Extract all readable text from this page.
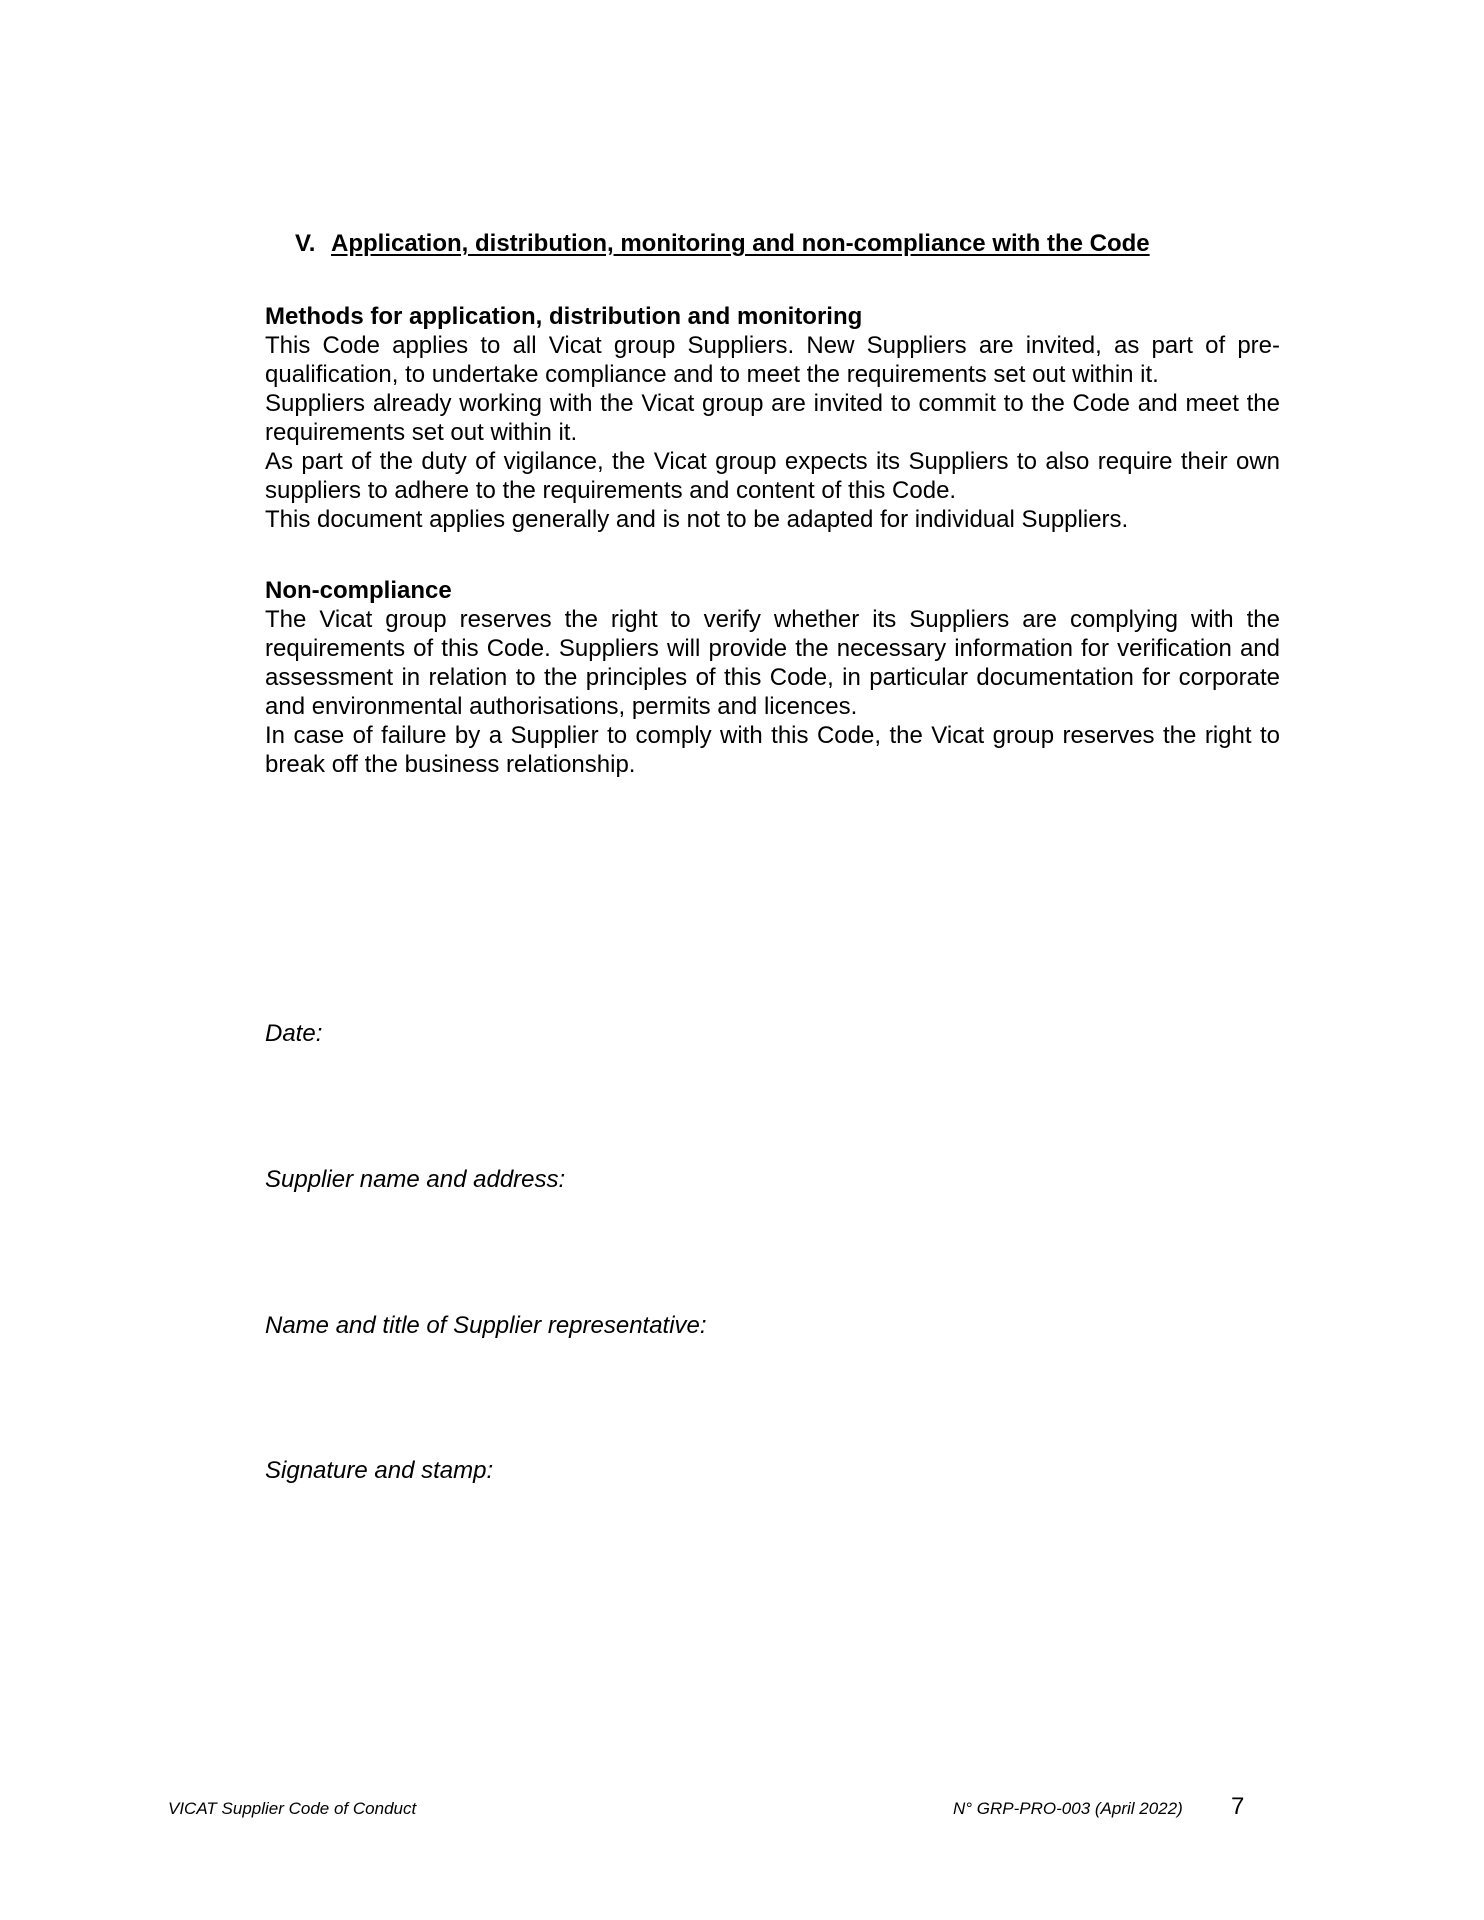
V. Application, distribution, monitoring and non-compliance with the Code
Methods for application, distribution and monitoring

This Code applies to all Vicat group Suppliers. New Suppliers are invited, as part of pre-qualification, to undertake compliance and to meet the requirements set out within it.

Suppliers already working with the Vicat group are invited to commit to the Code and meet the requirements set out within it.

As part of the duty of vigilance, the Vicat group expects its Suppliers to also require their own suppliers to adhere to the requirements and content of this Code.

This document applies generally and is not to be adapted for individual Suppliers.

Non-compliance

The Vicat group reserves the right to verify whether its Suppliers are complying with the requirements of this Code. Suppliers will provide the necessary information for verification and assessment in relation to the principles of this Code, in particular documentation for corporate and environmental authorisations, permits and licences.

In case of failure by a Supplier to comply with this Code, the Vicat group reserves the right to break off the business relationship.

Date:
Supplier name and address:
Name and title of Supplier representative:
Signature and stamp:
VICAT Supplier Code of Conduct	N° GRP-PRO-003 (April 2022) 7
